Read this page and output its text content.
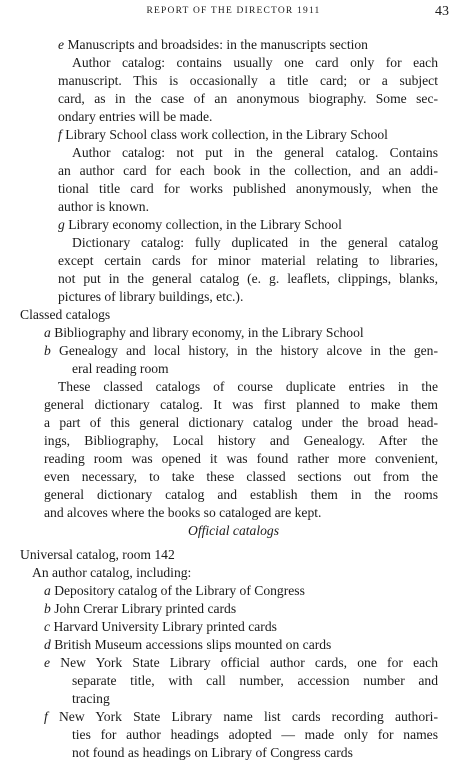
REPORT OF THE DIRECTOR 1911	43
e Manuscripts and broadsides: in the manuscripts section
Author catalog: contains usually one card only for each
manuscript. This is occasionally a title card; or a subject
card, as in the case of an anonymous biography. Some sec-
ondary entries will be made.
f Library School class work collection, in the Library School
Author catalog: not put in the general catalog. Contains
an author card for each book in the collection, and an addi-
tional title card for works published anonymously, when the
author is known.
g Library economy collection, in the Library School
Dictionary catalog: fully duplicated in the general catalog
except certain cards for minor material relating to libraries,
not put in the general catalog (e. g. leaflets, clippings, blanks,
pictures of library buildings, etc.).
Classed catalogs
a Bibliography and library economy, in the Library School
b Genealogy and local history, in the history alcove in the gen-
eral reading room
These classed catalogs of course duplicate entries in the
general dictionary catalog. It was first planned to make them
a part of this general dictionary catalog under the broad head-
ings, Bibliography, Local history and Genealogy. After the
reading room was opened it was found rather more convenient,
even necessary, to take these classed sections out from the
general dictionary catalog and establish them in the rooms
and alcoves where the books so cataloged are kept.
Official catalogs
Universal catalog, room 142
An author catalog, including:
a Depository catalog of the Library of Congress
b John Crerar Library printed cards
c Harvard University Library printed cards
d British Museum accessions slips mounted on cards
e New York State Library official author cards, one for each
separate title, with call number, accession number and
tracing
f New York State Library name list cards recording authori-
ties for author headings adopted — made only for names
not found as headings on Library of Congress cards
